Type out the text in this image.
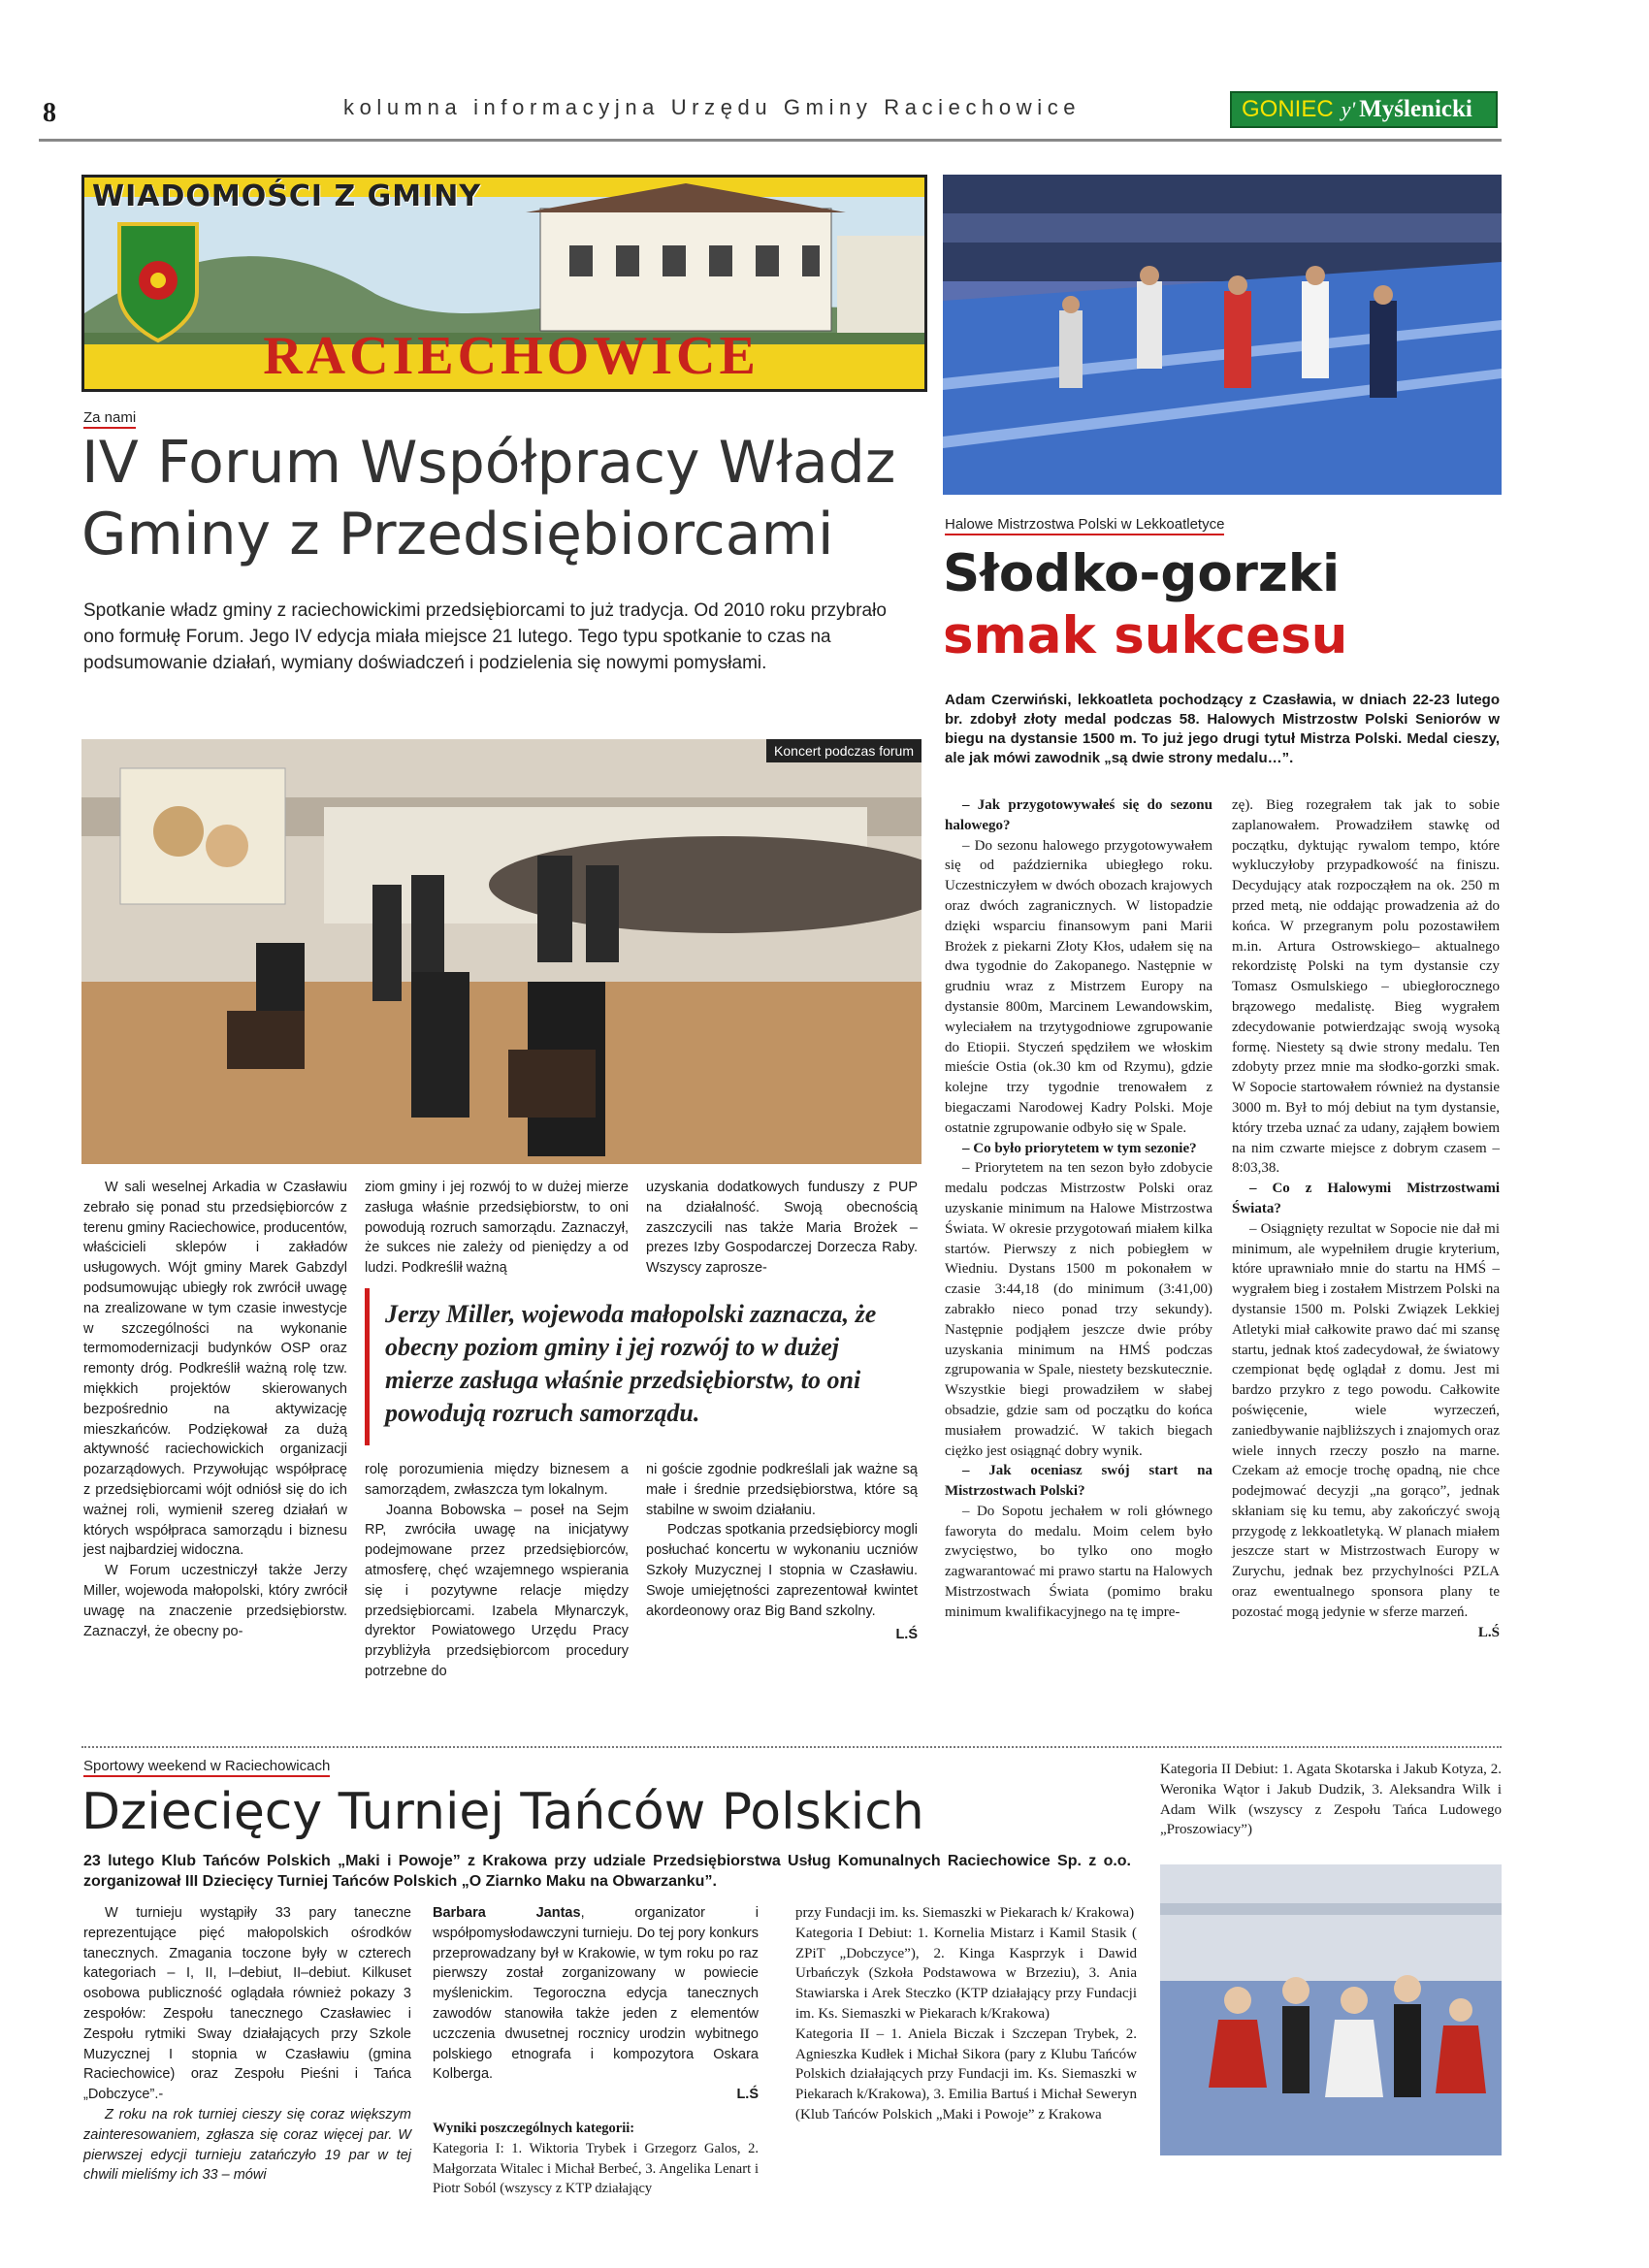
8	kolumna informacyjna Urzędu Gminy Raciechowice	GONIEC y' Myślenicki
WIADOMOŚCI Z GMINY
RACIECHOWICE
Za nami
IV Forum Współpracy Władz
Gminy z Przedsiębiorcami
Spotkanie władz gminy z raciechowickimi przedsiębiorcami to już tradycja. Od 2010 roku przybrało ono formułę Forum. Jego IV edycja miała miejsce 21 lutego. Tego typu spotkanie to czas na podsumowanie działań, wymiany doświadczeń i podzielenia się nowymi pomysłami.
Koncert podczas forum

W sali weselnej Arkadia w Czasławiu zebrało się ponad stu przedsiębiorców z terenu gminy Raciechowice, producentów, właścicieli sklepów i zakładów usługowych. Wójt gminy Marek Gabzdyl podsumowując ubiegły rok zwrócił uwagę na zrealizowane w tym czasie inwestycje w szczególności na wykonanie termomodernizacji budynków OSP oraz remonty dróg. Podkreślił ważną rolę tzw. miękkich projektów skierowanych bezpośrednio na aktywizację mieszkańców. Podziękował za dużą aktywność raciechowickich organizacji pozarządowych. Przywołując współpracę z przedsiębiorcami wójt odniósł się do ich ważnej roli, wymienił szereg działań w których współpraca samorządu i biznesu jest najbardziej widoczna.

W Forum uczestniczył także Jerzy Miller, wojewoda małopolski, który zwrócił uwagę na znaczenie przedsiębiorstw. Zaznaczył, że obecny po-

ziom gminy i jej rozwój to w dużej mierze zasługa właśnie przedsiębiorstw, to oni powodują rozruch samorządu. Zaznaczył, że sukces nie zależy od pieniędzy a od ludzi. Podkreślił ważną

uzyskania dodatkowych funduszy z PUP na działalność. Swoją obecnością zaszczycili nas także Maria Brożek – prezes Izby Gospodarczej Dorzecza Raby. Wszyscy zaprosze-

Jerzy Miller, wojewoda małopolski zaznacza, że obecny poziom gminy i jej rozwój to w dużej mierze zasługa właśnie przedsiębiorstw, to oni powodują rozruch samorządu.

rolę porozumienia między biznesem a samorządem, zwłaszcza tym lokalnym.

Joanna Bobowska – poseł na Sejm RP, zwróciła uwagę na inicjatywy podejmowane przez przedsiębiorców, atmosferę, chęć wzajemnego wspierania się i pozytywne relacje między przedsiębiorcami. Izabela Młynarczyk, dyrektor Powiatowego Urzędu Pracy przybliżyła przedsiębiorcom procedury potrzebne do

ni goście zgodnie podkreślali jak ważne są małe i średnie przedsiębiorstwa, które są stabilne w swoim działaniu.

Podczas spotkania przedsiębiorcy mogli posłuchać koncertu w wykonaniu uczniów Szkoły Muzycznej I stopnia w Czasławiu. Swoje umiejętności zaprezentował kwintet akordeonowy oraz Big Band szkolny.

L.Ś
Halowe Mistrzostwa Polski w Lekkoatletyce
Słodko-gorzki
smak sukcesu
Adam Czerwiński, lekkoatleta pochodzący z Czasławia, w dniach 22-23 lutego br. zdobył złoty medal podczas 58. Halowych Mistrzostw Polski Seniorów w biegu na dystansie 1500 m. To już jego drugi tytuł Mistrza Polski. Medal cieszy, ale jak mówi zawodnik „są dwie strony medalu…”.

– Jak przygotowywałeś się do sezonu halowego?

– Do sezonu halowego przygotowywałem się od października ubiegłego roku. Uczestniczyłem w dwóch obozach krajowych oraz dwóch zagranicznych. W listopadzie dzięki wsparciu finansowym pani Marii Brożek z piekarni Złoty Kłos, udałem się na dwa tygodnie do Zakopanego. Następnie w grudniu wraz z Mistrzem Europy na dystansie 800m, Marcinem Lewandowskim, wyleciałem na trzytygodniowe zgrupowanie do Etiopii. Styczeń spędziłem we włoskim mieście Ostia (ok.30 km od Rzymu), gdzie kolejne trzy tygodnie trenowałem z biegaczami Narodowej Kadry Polski. Moje ostatnie zgrupowanie odbyło się w Spale.

– Co było priorytetem w tym sezonie?

– Priorytetem na ten sezon było zdobycie medalu podczas Mistrzostw Polski oraz uzyskanie minimum na Halowe Mistrzostwa Świata. W okresie przygotowań miałem kilka startów. Pierwszy z nich pobiegłem w Wiedniu. Dystans 1500 m pokonałem w czasie 3:44,18 (do minimum (3:41,00) zabrakło nieco ponad trzy sekundy). Następnie podjąłem jeszcze dwie próby uzyskania minimum na HMŚ podczas zgrupowania w Spale, niestety bezskutecznie. Wszystkie biegi prowadziłem w słabej obsadzie, gdzie sam od początku do końca musiałem prowadzić. W takich biegach ciężko jest osiągnąć dobry wynik.

– Jak oceniasz swój start na Mistrzostwach Polski?

– Do Sopotu jechałem w roli głównego faworyta do medalu. Moim celem było zwycięstwo, bo tylko ono mogło zagwarantować mi prawo startu na Halowych Mistrzostwach Świata (pomimo braku minimum kwalifikacyjnego na tę impre-

zę). Bieg rozegrałem tak jak to sobie zaplanowałem. Prowadziłem stawkę od początku, dyktując rywalom tempo, które wykluczyłoby przypadkowość na finiszu. Decydujący atak rozpocząłem na ok. 250 m przed metą, nie oddając prowadzenia aż do końca. W przegranym polu pozostawiłem m.in. Artura Ostrowskiego– aktualnego rekordzistę Polski na tym dystansie czy Tomasz Osmulskiego – ubiegłorocznego brązowego medalistę. Bieg wygrałem zdecydowanie potwierdzając swoją wysoką formę. Niestety są dwie strony medalu. Ten zdobyty przez mnie ma słodko-gorzki smak. W Sopocie startowałem również na dystansie 3000 m. Był to mój debiut na tym dystansie, który trzeba uznać za udany, zająłem bowiem na nim czwarte miejsce z dobrym czasem – 8:03,38.

– Co z Halowymi Mistrzostwami Świata?

– Osiągnięty rezultat w Sopocie nie dał mi minimum, ale wypełniłem drugie kryterium, które uprawniało mnie do startu na HMŚ – wygrałem bieg i zostałem Mistrzem Polski na dystansie 1500 m. Polski Związek Lekkiej Atletyki miał całkowite prawo dać mi szansę startu, jednak ktoś zadecydował, że światowy czempionat będę oglądał z domu. Jest mi bardzo przykro z tego powodu. Całkowite poświęcenie, wiele wyrzeczeń, zaniedbywanie najbliższych i znajomych oraz wiele innych rzeczy poszło na marne. Czekam aż emocje trochę opadną, nie chce podejmować decyzji „na gorąco”, jednak skłaniam się ku temu, aby zakończyć swoją przygodę z lekkoatletyką. W planach miałem jeszcze start w Mistrzostwach Europy w Zurychu, jednak bez przychylności PZLA oraz ewentualnego sponsora plany te pozostać mogą jedynie w sferze marzeń.

L.Ś
Sportowy weekend w Raciechowicach
Dziecięcy Turniej Tańców Polskich
23 lutego Klub Tańców Polskich „Maki i Powoje” z Krakowa przy udziale Przedsiębiorstwa Usług Komunalnych Raciechowice Sp. z o.o. zorganizował III Dziecięcy Turniej Tańców Polskich „O Ziarnko Maku na Obwarzanku”.

W turnieju wystąpiły 33 pary taneczne reprezentujące pięć małopolskich ośrodków tanecznych. Zmagania toczone były w czterech kategoriach – I, II, I–debiut, II–debiut. Kilkuset osobowa publiczność oglądała również pokazy 3 zespołów: Zespołu tanecznego Czasławiec i Zespołu rytmiki Sway działających przy Szkole Muzycznej I stopnia w Czasławiu (gmina Raciechowice) oraz Zespołu Pieśni i Tańca „Dobczyce”.-

Z roku na rok turniej cieszy się coraz większym zainteresowaniem, zgłasza się coraz więcej par. W pierwszej edycji turnieju zatańczyło 19 par w tej chwili mieliśmy ich 33 – mówi

Barbara Jantas, organizator i współpomysłodawczyni turnieju. Do tej pory konkurs przeprowadzany był w Krakowie, w tym roku po raz pierwszy został zorganizowany w powiecie myślenickim. Tegoroczna edycja tanecznych zawodów stanowiła także jeden z elementów uczczenia dwusetnej rocznicy urodzin wybitnego polskiego etnografa i kompozytora Oskara Kolberga.

L.Ś

Wyniki poszczególnych kategorii:

Kategoria I: 1. Wiktoria Trybek i Grzegorz Galos, 2. Małgorzata Witalec i Michał Berbeć, 3. Angelika Lenart i Piotr Soból (wszyscy z KTP działający

przy Fundacji im. ks. Siemaszki w Piekarach k/ Krakowa)

Kategoria I Debiut: 1. Kornelia Mistarz i Kamil Stasik ( ZPiT „Dobczyce”), 2. Kinga Kasprzyk i Dawid Urbańczyk (Szkoła Podstawowa w Brzeziu), 3. Ania Stawiarska i Arek Steczko (KTP działający przy Fundacji im. Ks. Siemaszki w Piekarach k/Krakowa)

Kategoria II – 1. Aniela Biczak i Szczepan Trybek, 2. Agnieszka Kudłek i Michał Sikora (pary z Klubu Tańców Polskich działających przy Fundacji im. Ks. Siemaszki w Piekarach k/Krakowa), 3. Emilia Bartuś i Michał Seweryn (Klub Tańców Polskich „Maki i Powoje” z Krakowa

Kategoria II Debiut: 1. Agata Skotarska i Jakub Kotyza, 2. Weronika Wątor i Jakub Dudzik, 3. Aleksandra Wilk i Adam Wilk (wszyscy z Zespołu Tańca Ludowego „Proszowiacy”)
